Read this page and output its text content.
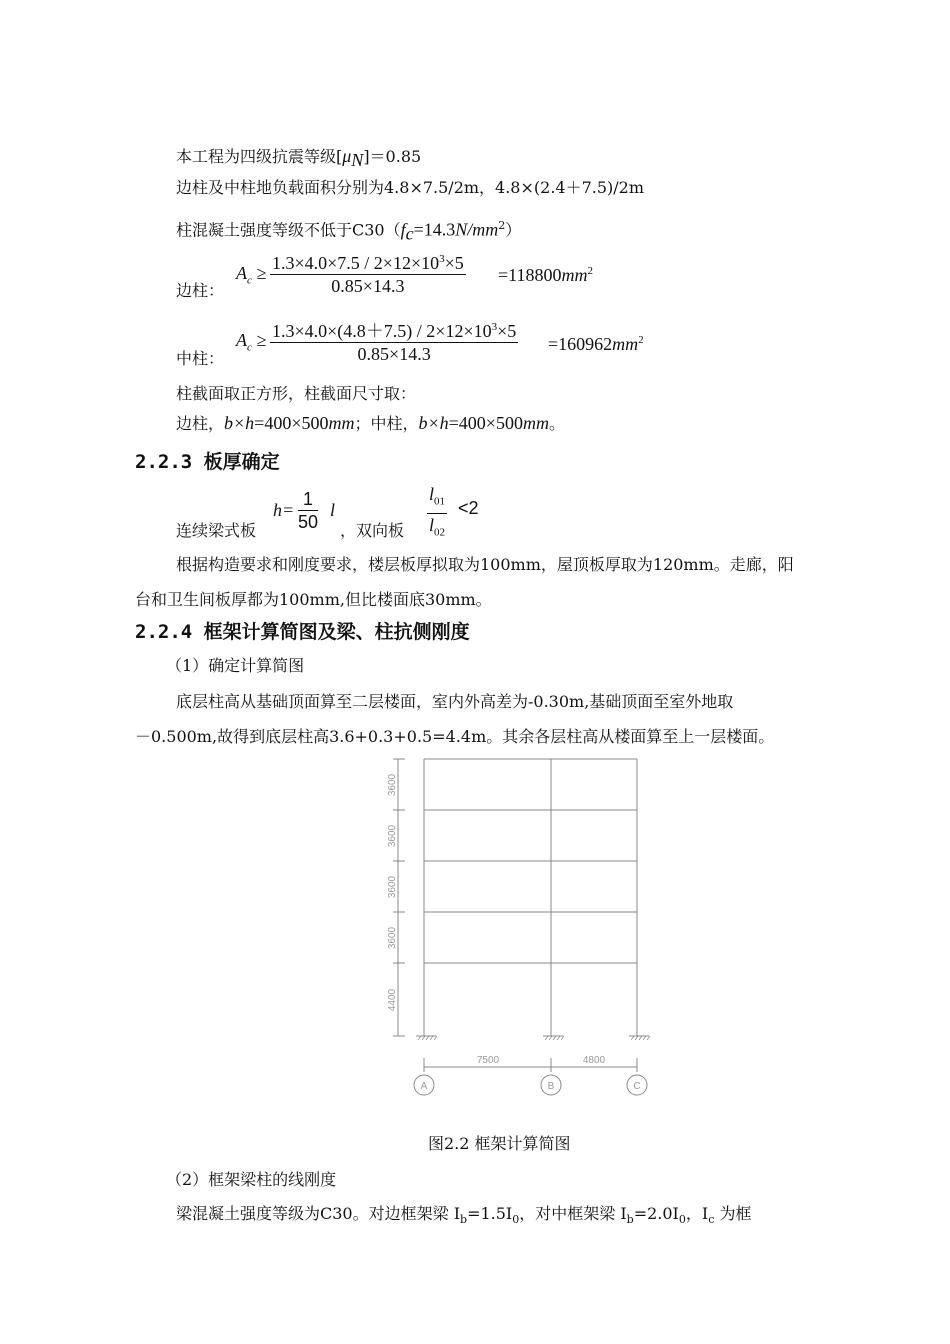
本工程为四级抗震等级$[\mu_N]=0.85$
边柱及中柱地负载面积分别为4.8×7.5/2m，4.8×(2.4＋7.5)/2m
柱混凝土强度等级不低于$C30(f_c=14.3N/mm^2)$
边柱：
$A_c \ge \frac{1.3\times 4.0\times 7.5 / 2\times 12\times 10^3\times 5}{0.85\times 14.3} =118800mm^2$
中柱：
$A_c \ge \frac{1.3\times 4.0\times(4.8+7.5) / 2\times 12\times 10^3\times 5}{0.85\times 14.3} =160962mm^2$
柱截面取正方形，柱截面尺寸取：
边柱，b×h=400×500mm；中柱，b×h=400×500mm。
2.2.3 板厚确定
连续梁式板
$h= \frac{1}{50}$ l
，双向板 $\frac{l_{01}}{l_{02}} <2$
根据构造要求和刚度要求，楼层板厚拟取为100mm，屋顶板厚取为120mm。走廊，阳
台和卫生间板厚都为100mm,但比楼面底30mm。
2.2.4 框架计算简图及梁、柱抗侧刚度
（1）确定计算简图
底层柱高从基础顶面算至二层楼面，室内外高差为-0.30m,基础顶面至室外地取
－0.500m,故得到底层柱高3.6+0.3+0.5=4.4m。其余各层柱高从楼面算至上一层楼面。
3600
3600
3600
3600
4400
7500	4800
A	B	C
图2.2 框架计算简图
（2）框架梁柱的线刚度
梁混凝土强度等级为C30。对边框架梁 $I_b=1.5I_0$，对中框架梁 $I_b=2.0I_0$，$I_c$ 为框
